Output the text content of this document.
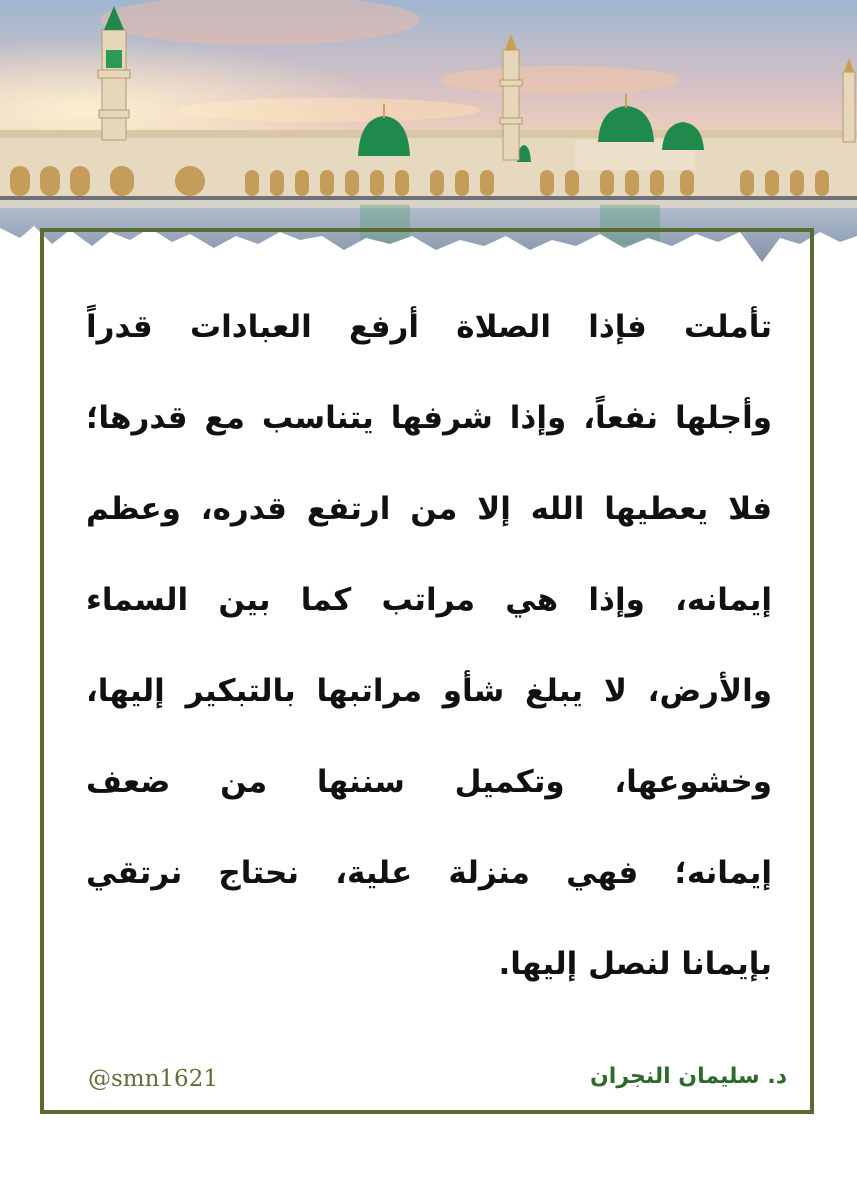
تأملت فإذا الصلاة أرفع العبادات قدراً
وأجلها نفعاً، وإذا شرفها يتناسب مع قدرها؛
فلا يعطيها الله إلا من ارتفع قدره، وعظم
إيمانه، وإذا هي مراتب كما بين السماء
والأرض، لا يبلغ شأو مراتبها بالتبكير إليها،
وخشوعها، وتكميل سننها من ضعف
إيمانه؛ فهي منزلة علية، نحتاج نرتقي
بإيمانا لنصل إليها.
د. سليمان النجران
@smn1621
